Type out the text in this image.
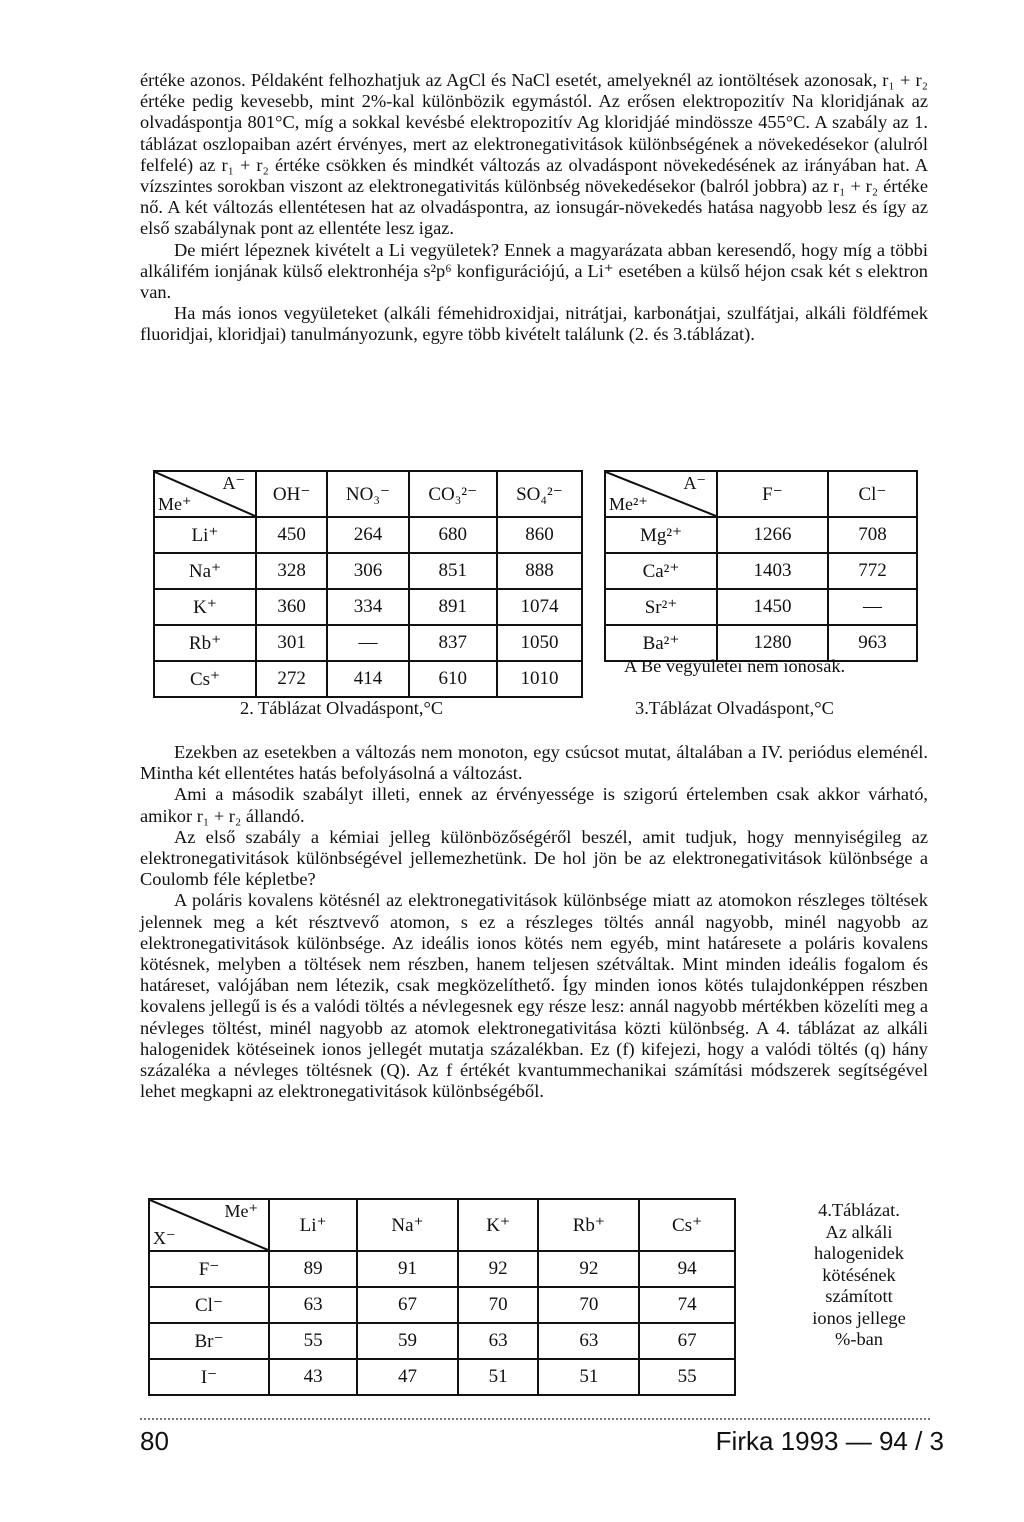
értéke azonos. Példaként felhozhatjuk az AgCl és NaCl esetét, amelyeknél az iontöltések azonosak, r₁ + r₂ értéke pedig kevesebb, mint 2%-kal különbözik egymástól. Az erősen elektropozitív Na kloridjának az olvadáspontja 801°C, míg a sokkal kevésbé elektropozitív Ag kloridjáé mindössze 455°C. A szabály az 1. táblázat oszlopaiban azért érvényes, mert az elektronegativitások különbségének a növekedésekor (alulról felfelé) az r₁ + r₂ értéke csökken és mindkét változás az olvadáspont növekedésének az irányában hat. A vízszintes sorokban viszont az elektronegativitás különbség növekedésekor (balról jobbra) az r₁ + r₂ értéke nő. A két változás ellentétesen hat az olvadáspontra, az ionsugár-növekedés hatása nagyobb lesz és így az első szabálynak pont az ellentéte lesz igaz.

De miért lépeznek kivételt a Li vegyületek? Ennek a magyarázata abban keresendő, hogy míg a többi alkálifém ionjának külső elektronhéja s²p⁶ konfigurációjú, a Li⁺ esetében a külső héjon csak két s elektron van.

Ha más ionos vegyületeket (alkáli fémehidroxidjai, nitrátjai, karbonátjai, szulfátjai, alkáli földfémek fluoridjai, kloridjai) tanulmányozunk, egyre több kivételt találunk (2. és 3.táblázat).

A⁻
Me⁺	OH⁻	NO₃⁻	CO₃²⁻	SO₄²⁻
Li⁺	450	264	680	860
Na⁺	328	306	851	888
K⁺	360	334	891	1074
Rb⁺	301	—	837	1050
Cs⁺	272	414	610	1010
A⁻
Me²⁺	F⁻	Cl⁻
Mg²⁺	1266	708
Ca²⁺	1403	772
Sr²⁺	1450	—
Ba²⁺	1280	963
A Be vegyületei nem ionosak.
2. Táblázat Olvadáspont,°C	3.Táblázat Olvadáspont,°C

Ezekben az esetekben a változás nem monoton, egy csúcsot mutat, általában a IV. periódus eleménél. Mintha két ellentétes hatás befolyásolná a változást.

Ami a második szabályt illeti, ennek az érvényessége is szigorú értelemben csak akkor várható, amikor r₁ + r₂ állandó.

Az első szabály a kémiai jelleg különbözőségéről beszél, amit tudjuk, hogy mennyiségileg az elektronegativitások különbségével jellemezhetünk. De hol jön be az elektronegativitások különbsége a Coulomb féle képletbe?

A poláris kovalens kötésnél az elektronegativitások különbsége miatt az atomokon részleges töltések jelennek meg a két résztvevő atomon, s ez a részleges töltés annál nagyobb, minél nagyobb az elektronegativitások különbsége. Az ideális ionos kötés nem egyéb, mint határesete a poláris kovalens kötésnek, melyben a töltések nem részben, hanem teljesen szétváltak. Mint minden ideális fogalom és határeset, valójában nem létezik, csak megközelíthető. Így minden ionos kötés tulajdonképpen részben kovalens jellegű is és a valódi töltés a névlegesnek egy része lesz: annál nagyobb mértékben közelíti meg a névleges töltést, minél nagyobb az atomok elektronegativitása közti különbség. A 4. táblázat az alkáli halogenidek kötéseinek ionos jellegét mutatja százalékban. Ez (f) kifejezi, hogy a valódi töltés (q) hány százaléka a névleges töltésnek (Q). Az f értékét kvantummechanikai számítási módszerek segítségével lehet megkapni az elektronegativitások különbségéből.

Me⁺
X⁻	Li⁺	Na⁺	K⁺	Rb⁺	Cs⁺
F⁻	89	91	92	92	94
Cl⁻	63	67	70	70	74
Br⁻	55	59	63	63	67
I⁻	43	47	51	51	55
4.Táblázat.
Az alkáli
halogenidek
kötésének
számított
ionos jellege
%-ban
80	Firka 1993 — 94 / 3
